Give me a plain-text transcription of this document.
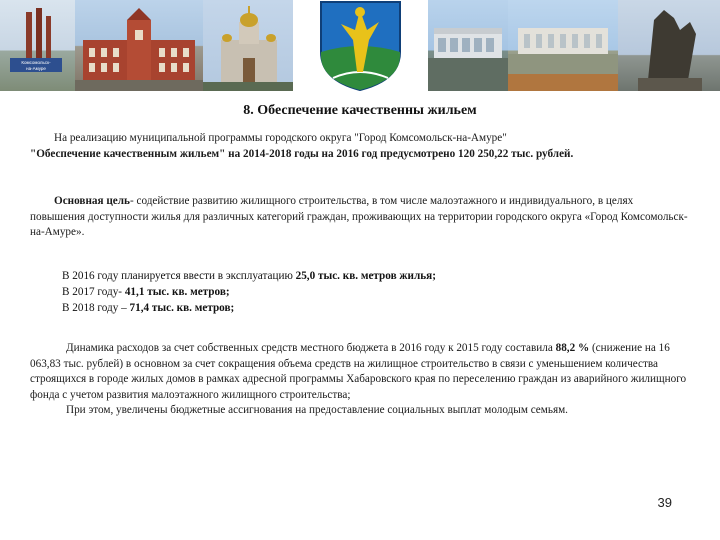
Комсомольск-
на-Амуре
8. Обеспечение качественны жильем
На реализацию муниципальной программы городского округа "Город Комсомольск-на-Амуре"
"Обеспечение качественным жильем" на 2014-2018 годы на 2016 год предусмотрено 120 250,22 тыс. рублей.
Основная цель- содействие развитию жилищного строительства, в том числе малоэтажного и индивидуального, в целях повышения доступности жилья для различных категорий граждан, проживающих на территории городского округа «Город Комсомольск-на-Амуре».
В 2016 году планируется ввести в эксплуатацию 25,0 тыс. кв. метров жилья;
В 2017 году- 41,1 тыс. кв. метров;
В 2018 году – 71,4 тыс. кв. метров;
Динамика расходов за счет собственных средств местного бюджета в 2016 году к 2015 году составила 88,2 % (снижение на 16 063,83 тыс. рублей) в основном за счет сокращения объема средств на жилищное строительство в связи с уменьшением количества строящихся в городе жилых домов в рамках адресной программы Хабаровского края по переселению граждан из аварийного жилищного фонда с учетом развития малоэтажного жилищного строительства;
При этом, увеличены бюджетные ассигнования на предоставление социальных выплат молодым семьям.
39
